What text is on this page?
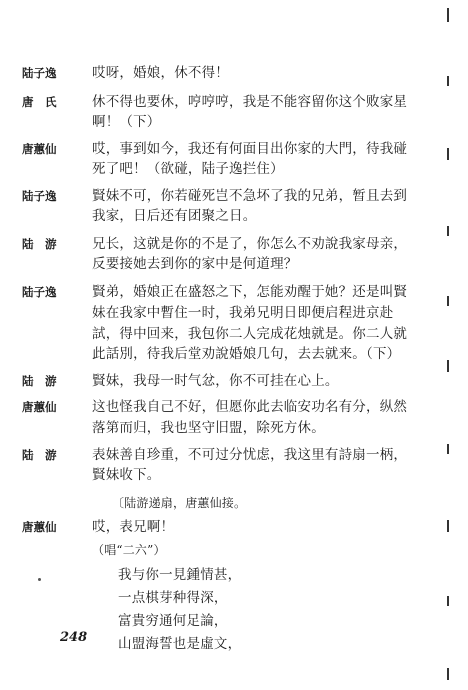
陆子逸	哎呀，婚娘，休不得！
唐　氏	休不得也要休，哼哼哼，我是不能容留你这个败家星
啊！（下）
唐蕙仙	哎，事到如今，我还有何面目出你家的大門，待我碰
死了吧！（欲碰，陆子逸拦住）
陆子逸	賢妹不可，你若碰死岂不急坏了我的兄弟，暂且去到
我家，日后还有团聚之日。
陆　游	兄长，这就是你的不是了，你怎么不劝說我家母亲，
反要接她去到你的家中是何道理？
陆子逸	賢弟，婚娘正在盛怒之下，怎能劝醒于她？还是叫賢
妹在我家中暫住一时，我弟兄明日即便启程进京赴
試，得中回来，我包你二人完成花烛就是。你二人就
此話別，待我后堂劝說婚娘几句，去去就来。（下）
陆　游	賢妹，我母一时气忿，你不可挂在心上。
唐蕙仙	这也怪我自己不好，但愿你此去临安功名有分，纵然
落第而归，我也坚守旧盟，除死方休。
陆　游	表妹善自珍重，不可过分忧虑，我这里有詩扇一柄，
賢妹收下。
〔陆游递扇，唐蕙仙接。
唐蕙仙	哎，表兄啊！
（唱“二六”）
我与你一見鍾情甚，
一点棋芽种得深，
富貴穷通何足論，
山盟海誓也是虛文，
248
